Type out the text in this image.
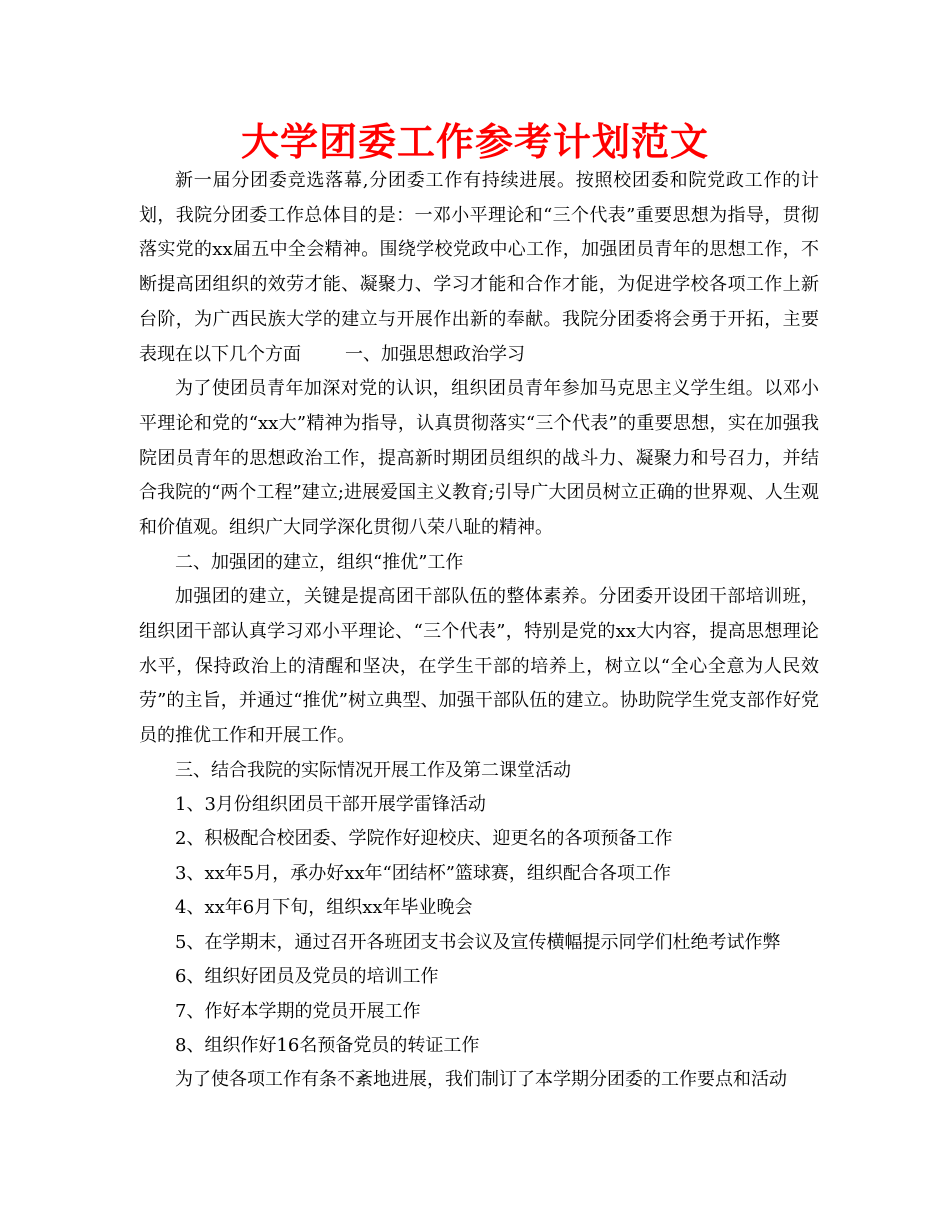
大学团委工作参考计划范文

新一届分团委竞选落幕,分团委工作有持续进展。按照校团委和院党政工作的计划，我院分团委工作总体目的是：一邓小平理论和“三个代表”重要思想为指导，贯彻落实党的xx届五中全会精神。围绕学校党政中心工作，加强团员青年的思想工作，不断提高团组织的效劳才能、凝聚力、学习才能和合作才能，为促进学校各项工作上新台阶，为广西民族大学的建立与开展作出新的奉献。我院分团委将会勇于开拓，主要表现在以下几个方面 一、加强思想政治学习

为了使团员青年加深对党的认识，组织团员青年参加马克思主义学生组。以邓小平理论和党的“xx大”精神为指导，认真贯彻落实“三个代表”的重要思想，实在加强我院团员青年的思想政治工作，提高新时期团员组织的战斗力、凝聚力和号召力，并结合我院的“两个工程”建立;进展爱国主义教育;引导广大团员树立正确的世界观、人生观和价值观。组织广大同学深化贯彻八荣八耻的精神。

二、加强团的建立，组织“推优”工作

加强团的建立，关键是提高团干部队伍的整体素养。分团委开设团干部培训班，组织团干部认真学习邓小平理论、“三个代表”，特别是党的xx大内容，提高思想理论水平，保持政治上的清醒和坚决，在学生干部的培养上，树立以“全心全意为人民效劳”的主旨，并通过“推优”树立典型、加强干部队伍的建立。协助院学生党支部作好党员的推优工作和开展工作。

三、结合我院的实际情况开展工作及第二课堂活动

1、3月份组织团员干部开展学雷锋活动

2、积极配合校团委、学院作好迎校庆、迎更名的各项预备工作

3、xx年5月，承办好xx年“团结杯”篮球赛，组织配合各项工作

4、xx年6月下旬，组织xx年毕业晚会

5、在学期末，通过召开各班团支书会议及宣传横幅提示同学们杜绝考试作弊

6、组织好团员及党员的培训工作

7、作好本学期的党员开展工作

8、组织作好16名预备党员的转证工作

为了使各项工作有条不紊地进展，我们制订了本学期分团委的工作要点和活动
